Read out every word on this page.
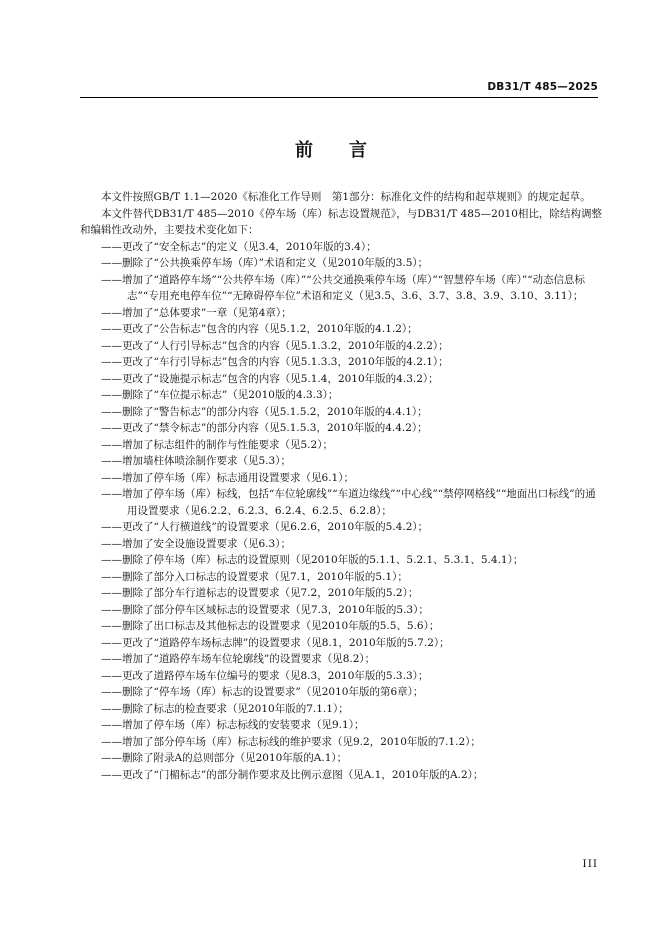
DB31/T 485—2025
前　　言

本文件按照GB/T 1.1—2020《标准化工作导则　第1部分：标准化文件的结构和起草规则》的规定起草。

本文件替代DB31/T 485—2010《停车场（库）标志设置规范》，与DB31/T 485—2010相比，除结构调整和编辑性改动外，主要技术变化如下：

——更改了“安全标志”的定义（见3.4，2010年版的3.4）；
——删除了“公共换乘停车场（库）”术语和定义（见2010年版的3.5）；
——增加了“道路停车场”“公共停车场（库）”“公共交通换乘停车场（库）”“智慧停车场（库）”“动态信息标志”“专用充电停车位”“无障碍停车位”术语和定义（见3.5、3.6、3.7、3.8、3.9、3.10、3.11）；
——增加了“总体要求”一章（见第4章）；
——更改了“公告标志”包含的内容（见5.1.2，2010年版的4.1.2）；
——更改了“人行引导标志”包含的内容（见5.1.3.2，2010年版的4.2.2）；
——更改了“车行引导标志”包含的内容（见5.1.3.3，2010年版的4.2.1）；
——更改了“设施提示标志”包含的内容（见5.1.4，2010年版的4.3.2）；
——删除了“车位提示标志”（见2010版的4.3.3）；
——删除了“警告标志”的部分内容（见5.1.5.2，2010年版的4.4.1）；
——更改了“禁令标志”的部分内容（见5.1.5.3，2010年版的4.4.2）；
——增加了标志组件的制作与性能要求（见5.2）；
——增加墙柱体喷涂制作要求（见5.3）；
——增加了停车场（库）标志通用设置要求（见6.1）；
——增加了停车场（库）标线，包括“车位轮廓线”“车道边缘线”“中心线”“禁停网格线”“地面出口标线”的通用设置要求（见6.2.2、6.2.3、6.2.4、6.2.5、6.2.8）；
——更改了“人行横道线”的设置要求（见6.2.6，2010年版的5.4.2）；
——增加了安全设施设置要求（见6.3）；
——删除了停车场（库）标志的设置原则（见2010年版的5.1.1、5.2.1、5.3.1、5.4.1）；
——删除了部分入口标志的设置要求（见7.1，2010年版的5.1）；
——删除了部分车行道标志的设置要求（见7.2，2010年版的5.2）；
——删除了部分停车区域标志的设置要求（见7.3，2010年版的5.3）；
——删除了出口标志及其他标志的设置要求（见2010年版的5.5、5.6）；
——更改了“道路停车场标志牌”的设置要求（见8.1，2010年版的5.7.2）；
——增加了“道路停车场车位轮廓线”的设置要求（见8.2）；
——更改了道路停车场车位编号的要求（见8.3，2010年版的5.3.3）；
——删除了“停车场（库）标志的设置要求”（见2010年版的第6章）；
——删除了标志的检查要求（见2010年版的7.1.1）；
——增加了停车场（库）标志标线的安装要求（见9.1）；
——增加了部分停车场（库）标志标线的维护要求（见9.2，2010年版的7.1.2）；
——删除了附录A的总则部分（见2010年版的A.1）；
——更改了“门楣标志”的部分制作要求及比例示意图（见A.1，2010年版的A.2）；
III
